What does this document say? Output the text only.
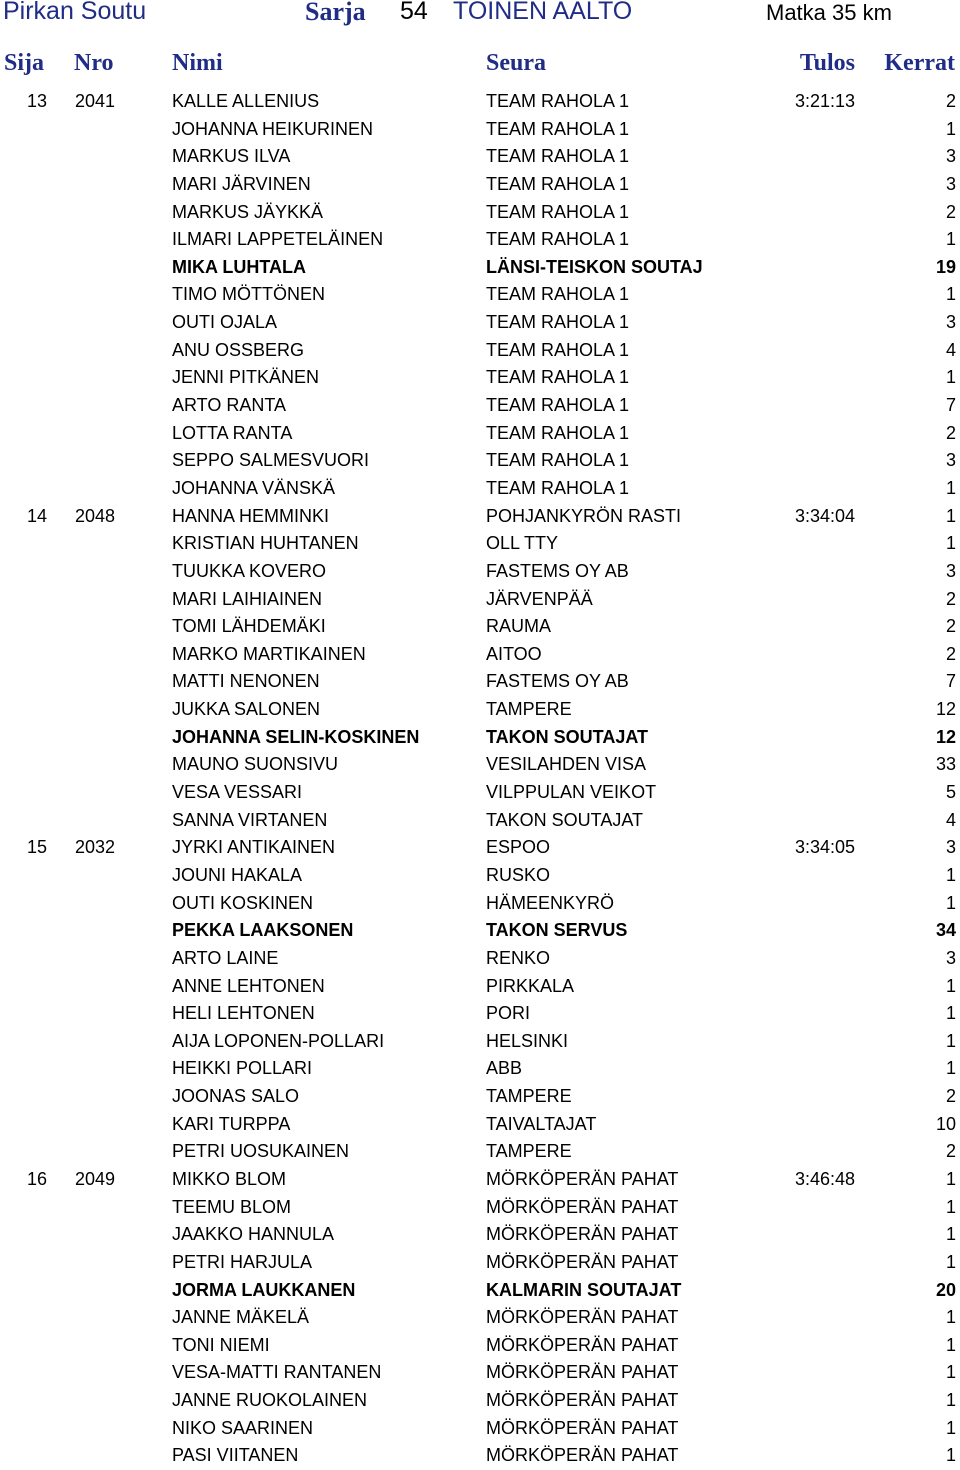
Pirkan Soutu	Sarja 54 TOINEN AALTO	Matka 35 km
Sija Nro Nimi	Seura	Tulos Kerrat
13 2041	KALLE ALLENIUS	TEAM RAHOLA 1	3:21:13	2
JOHANNA HEIKURINEN	TEAM RAHOLA 1	1
MARKUS ILVA	TEAM RAHOLA 1	3
MARI JÄRVINEN	TEAM RAHOLA 1	3
MARKUS JÄYKKÄ	TEAM RAHOLA 1	2
ILMARI LAPPETELÄINEN	TEAM RAHOLA 1	1
MIKA LUHTALA	LÄNSI-TEISKON SOUTAJ	19
TIMO MÖTTÖNEN	TEAM RAHOLA 1	1
OUTI OJALA	TEAM RAHOLA 1	3
ANU OSSBERG	TEAM RAHOLA 1	4
JENNI PITKÄNEN	TEAM RAHOLA 1	1
ARTO RANTA	TEAM RAHOLA 1	7
LOTTA RANTA	TEAM RAHOLA 1	2
SEPPO SALMESVUORI	TEAM RAHOLA 1	3
JOHANNA VÄNSKÄ	TEAM RAHOLA 1	1
14 2048	HANNA HEMMINKI	POHJANKYRÖN RASTI	3:34:04	1
KRISTIAN HUHTANEN	OLL TTY	1
TUUKKA KOVERO	FASTEMS OY AB	3
MARI LAIHIAINEN	JÄRVENPÄÄ	2
TOMI LÄHDEMÄKI	RAUMA	2
MARKO MARTIKAINEN	AITOO	2
MATTI NENONEN	FASTEMS OY AB	7
JUKKA SALONEN	TAMPERE	12
JOHANNA SELIN-KOSKINEN	TAKON SOUTAJAT	12
MAUNO SUONSIVU	VESILAHDEN VISA	33
VESA VESSARI	VILPPULAN VEIKOT	5
SANNA VIRTANEN	TAKON SOUTAJAT	4
15 2032	JYRKI ANTIKAINEN	ESPOO	3:34:05	3
JOUNI HAKALA	RUSKO	1
OUTI KOSKINEN	HÄMEENKYRÖ	1
PEKKA LAAKSONEN	TAKON SERVUS	34
ARTO LAINE	RENKO	3
ANNE LEHTONEN	PIRKKALA	1
HELI LEHTONEN	PORI	1
AIJA LOPONEN-POLLARI	HELSINKI	1
HEIKKI POLLARI	ABB	1
JOONAS SALO	TAMPERE	2
KARI TURPPA	TAIVALTAJAT	10
PETRI UOSUKAINEN	TAMPERE	2
16 2049	MIKKO BLOM	MÖRKÖPERÄN PAHAT	3:46:48	1
TEEMU BLOM	MÖRKÖPERÄN PAHAT	1
JAAKKO HANNULA	MÖRKÖPERÄN PAHAT	1
PETRI HARJULA	MÖRKÖPERÄN PAHAT	1
JORMA LAUKKANEN	KALMARIN SOUTAJAT	20
JANNE MÄKELÄ	MÖRKÖPERÄN PAHAT	1
TONI NIEMI	MÖRKÖPERÄN PAHAT	1
VESA-MATTI RANTANEN	MÖRKÖPERÄN PAHAT	1
JANNE RUOKOLAINEN	MÖRKÖPERÄN PAHAT	1
NIKO SAARINEN	MÖRKÖPERÄN PAHAT	1
PASI VIITANEN	MÖRKÖPERÄN PAHAT	1
